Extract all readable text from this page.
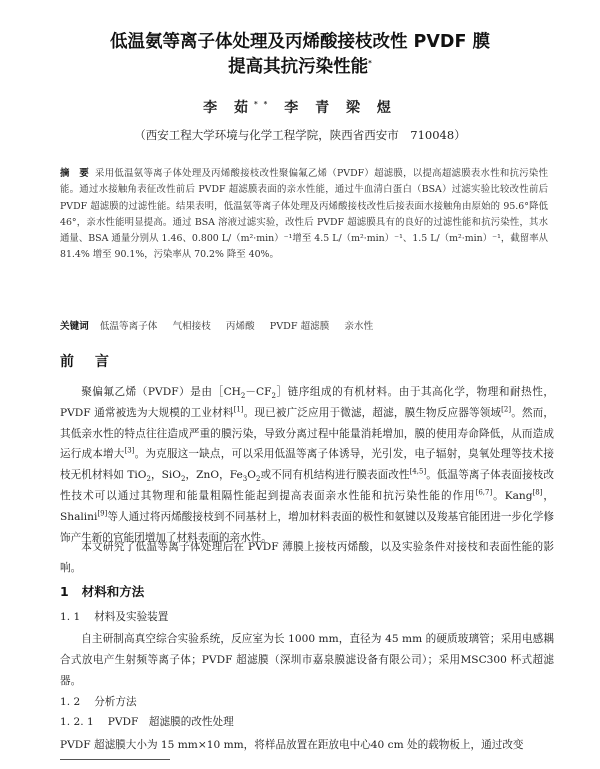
低温氨等离子体处理及丙烯酸接枝改性 PVDF 膜
提高其抗污染性能*
李 茹** 李 青 梁 煜
（西安工程大学环境与化学工程学院，陕西省西安市　710048）
摘　要 采用低温氨等离子体处理及丙烯酸接枝改性聚偏氟乙烯（PVDF）超滤膜，以提高超滤膜表水性和抗污染性能。通过水接触角表征改性前后 PVDF 超滤膜表面的亲水性能，通过牛血清白蛋白（BSA）过滤实验比较改性前后 PVDF 超滤膜的过滤性能。结果表明，低温氨等离子体处理及丙烯酸接枝改性后接表面水接触角由原始的 95.6°降低 46°，亲水性能明显提高。通过 BSA 溶液过滤实验，改性后 PVDF 超滤膜具有的良好的过滤性能和抗污染性，其水通量、BSA 通量分别从 1.46、0.800 L/（m²·min）⁻¹增至 4.5 L/（m²·min）⁻¹、1.5 L/（m²·min）⁻¹，截留率从 81.4% 增至 90.1%，污染率从 70.2% 降至 40%。
关键词 低温等离子体 气相接枝 丙烯酸 PVDF 超滤膜 亲水性
前 言
聚偏氟乙烯（PVDF）是由$[CH_2-CF_2]$链序组成的有机材料。由于其高化学，物理和耐热性，PVDF 通常被选为大规模的工业材料[1]。现已被广泛应用于微滤，超滤，膜生物反应器等领域[2]。然而，其低亲水性的特点往往造成严重的膜污染，导致分离过程中能量消耗增加，膜的使用寿命降低，从而造成运行成本增大[3]。为克服这一缺点，可以采用低温等离子体诱导，光引发，电子辐射，臭氧处理等技术接枝无机材料如 TiO$_2$，SiO$_2$，ZnO，$Fe_3O_2$或不同有机结构进行膜表面改性[4,5]。低温等离子体表面接枝改性技术可以通过其物理和能量粗隔性能起到提高表面亲水性能和抗污染性能的作用[6,7]。Kang[8]，Shalini[9]等人通过将丙烯酸接枝到不同基材上，增加材料表面的极性和氨键以及羧基官能团进一步化学修饰产生新的官能团增加了材料表面的亲水性。
本文研究了低温等离子体处理后在 PVDF 薄膜上接枝丙烯酸，以及实验条件对接枝和表面性能的影响。
1 材料和方法
1. 1 材料及实验装置
自主研制高真空综合实验系统，反应室为长 1000 mm，直径为 45 mm 的硬质玻璃管；采用电感耦合式放电产生射频等离子体；PVDF 超滤膜（深圳市嘉泉膜滤设备有限公司）；采用MSC300 杯式超滤器。
1. 2 分析方法
1. 2. 1 PVDF　超滤膜的改性处理
PVDF 超滤膜大小为 15 mm×10 mm，将样品放置在距放电中心40 cm 处的载物板上，通过改变
